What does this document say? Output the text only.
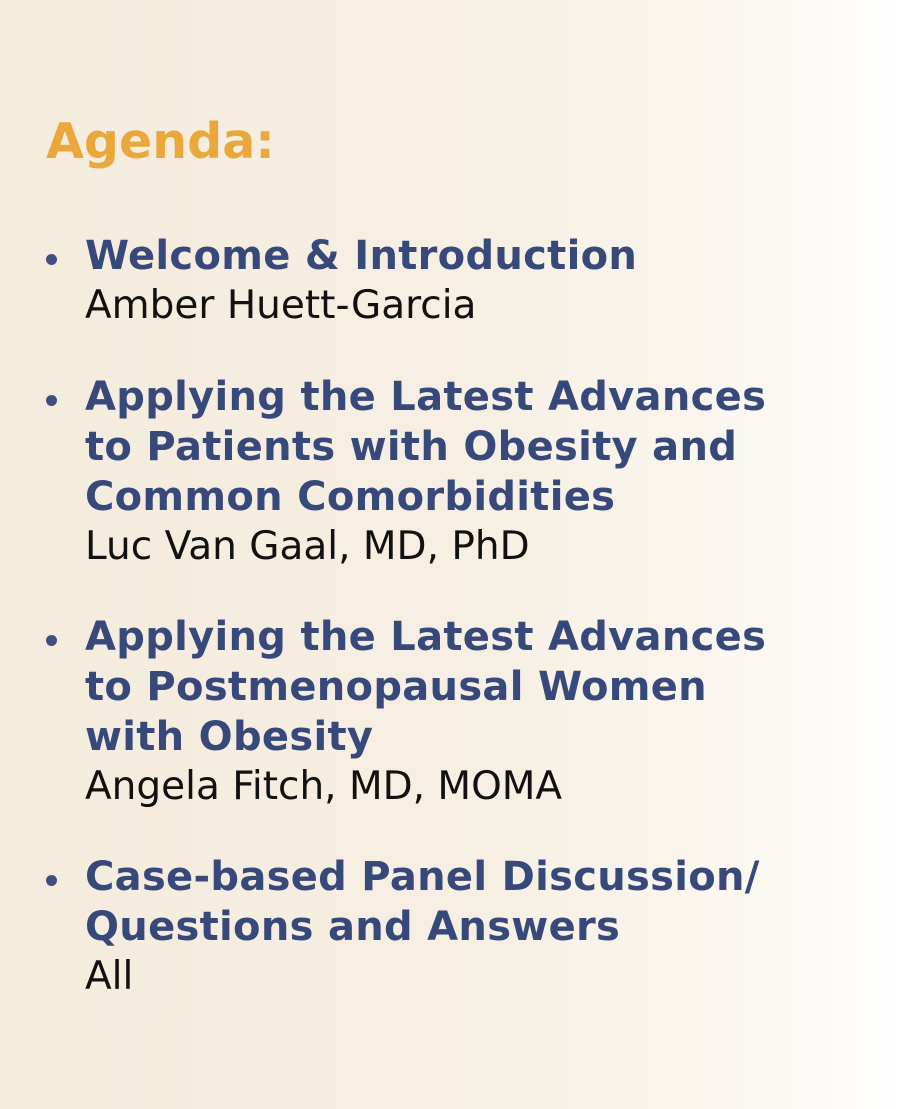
Agenda:
Welcome & Introduction
Amber Huett-Garcia
Applying the Latest Advances
to Patients with Obesity and
Common Comorbidities
Luc Van Gaal, MD, PhD
Applying the Latest Advances
to Postmenopausal Women
with Obesity
Angela Fitch, MD, MOMA
Case-based Panel Discussion/
Questions and Answers
All
